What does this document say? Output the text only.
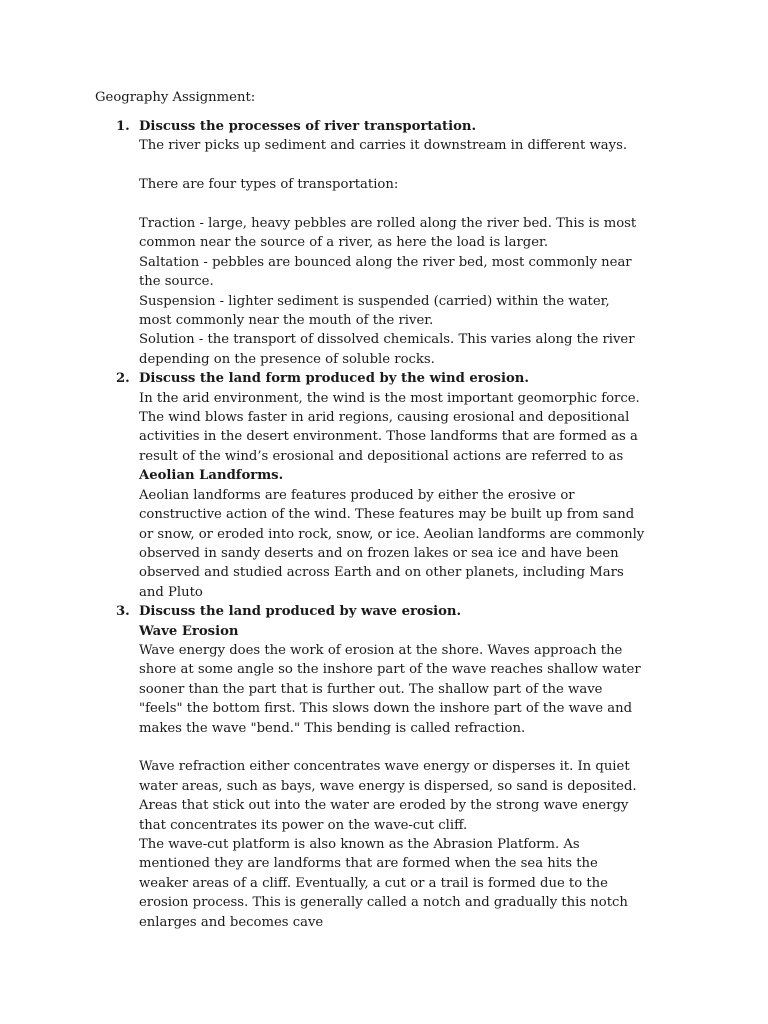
Geography Assignment:
1. Discuss the processes of river transportation.

The river picks up sediment and carries it downstream in different ways.

There are four types of transportation:

Traction - large, heavy pebbles are rolled along the river bed. This is most common near the source of a river, as here the load is larger.

Saltation - pebbles are bounced along the river bed, most commonly near the source.

Suspension - lighter sediment is suspended (carried) within the water, most commonly near the mouth of the river.

Solution - the transport of dissolved chemicals. This varies along the river depending on the presence of soluble rocks.

2. Discuss the land form produced by the wind erosion.

In the arid environment, the wind is the most important geomorphic force. The wind blows faster in arid regions, causing erosional and depositional activities in the desert environment. Those landforms that are formed as a result of the wind’s erosional and depositional actions are referred to as Aeolian Landforms.

Aeolian landforms are features produced by either the erosive or constructive action of the wind. These features may be built up from sand or snow, or eroded into rock, snow, or ice. Aeolian landforms are commonly observed in sandy deserts and on frozen lakes or sea ice and have been observed and studied across Earth and on other planets, including Mars and Pluto

3. Discuss the land produced by wave erosion.

Wave Erosion

Wave energy does the work of erosion at the shore. Waves approach the shore at some angle so the inshore part of the wave reaches shallow water sooner than the part that is further out. The shallow part of the wave "feels" the bottom first. This slows down the inshore part of the wave and makes the wave "bend." This bending is called refraction.

Wave refraction either concentrates wave energy or disperses it. In quiet water areas, such as bays, wave energy is dispersed, so sand is deposited. Areas that stick out into the water are eroded by the strong wave energy that concentrates its power on the wave-cut cliff.

The wave-cut platform is also known as the Abrasion Platform. As mentioned they are landforms that are formed when the sea hits the weaker areas of a cliff. Eventually, a cut or a trail is formed due to the erosion process. This is generally called a notch and gradually this notch enlarges and becomes cave
